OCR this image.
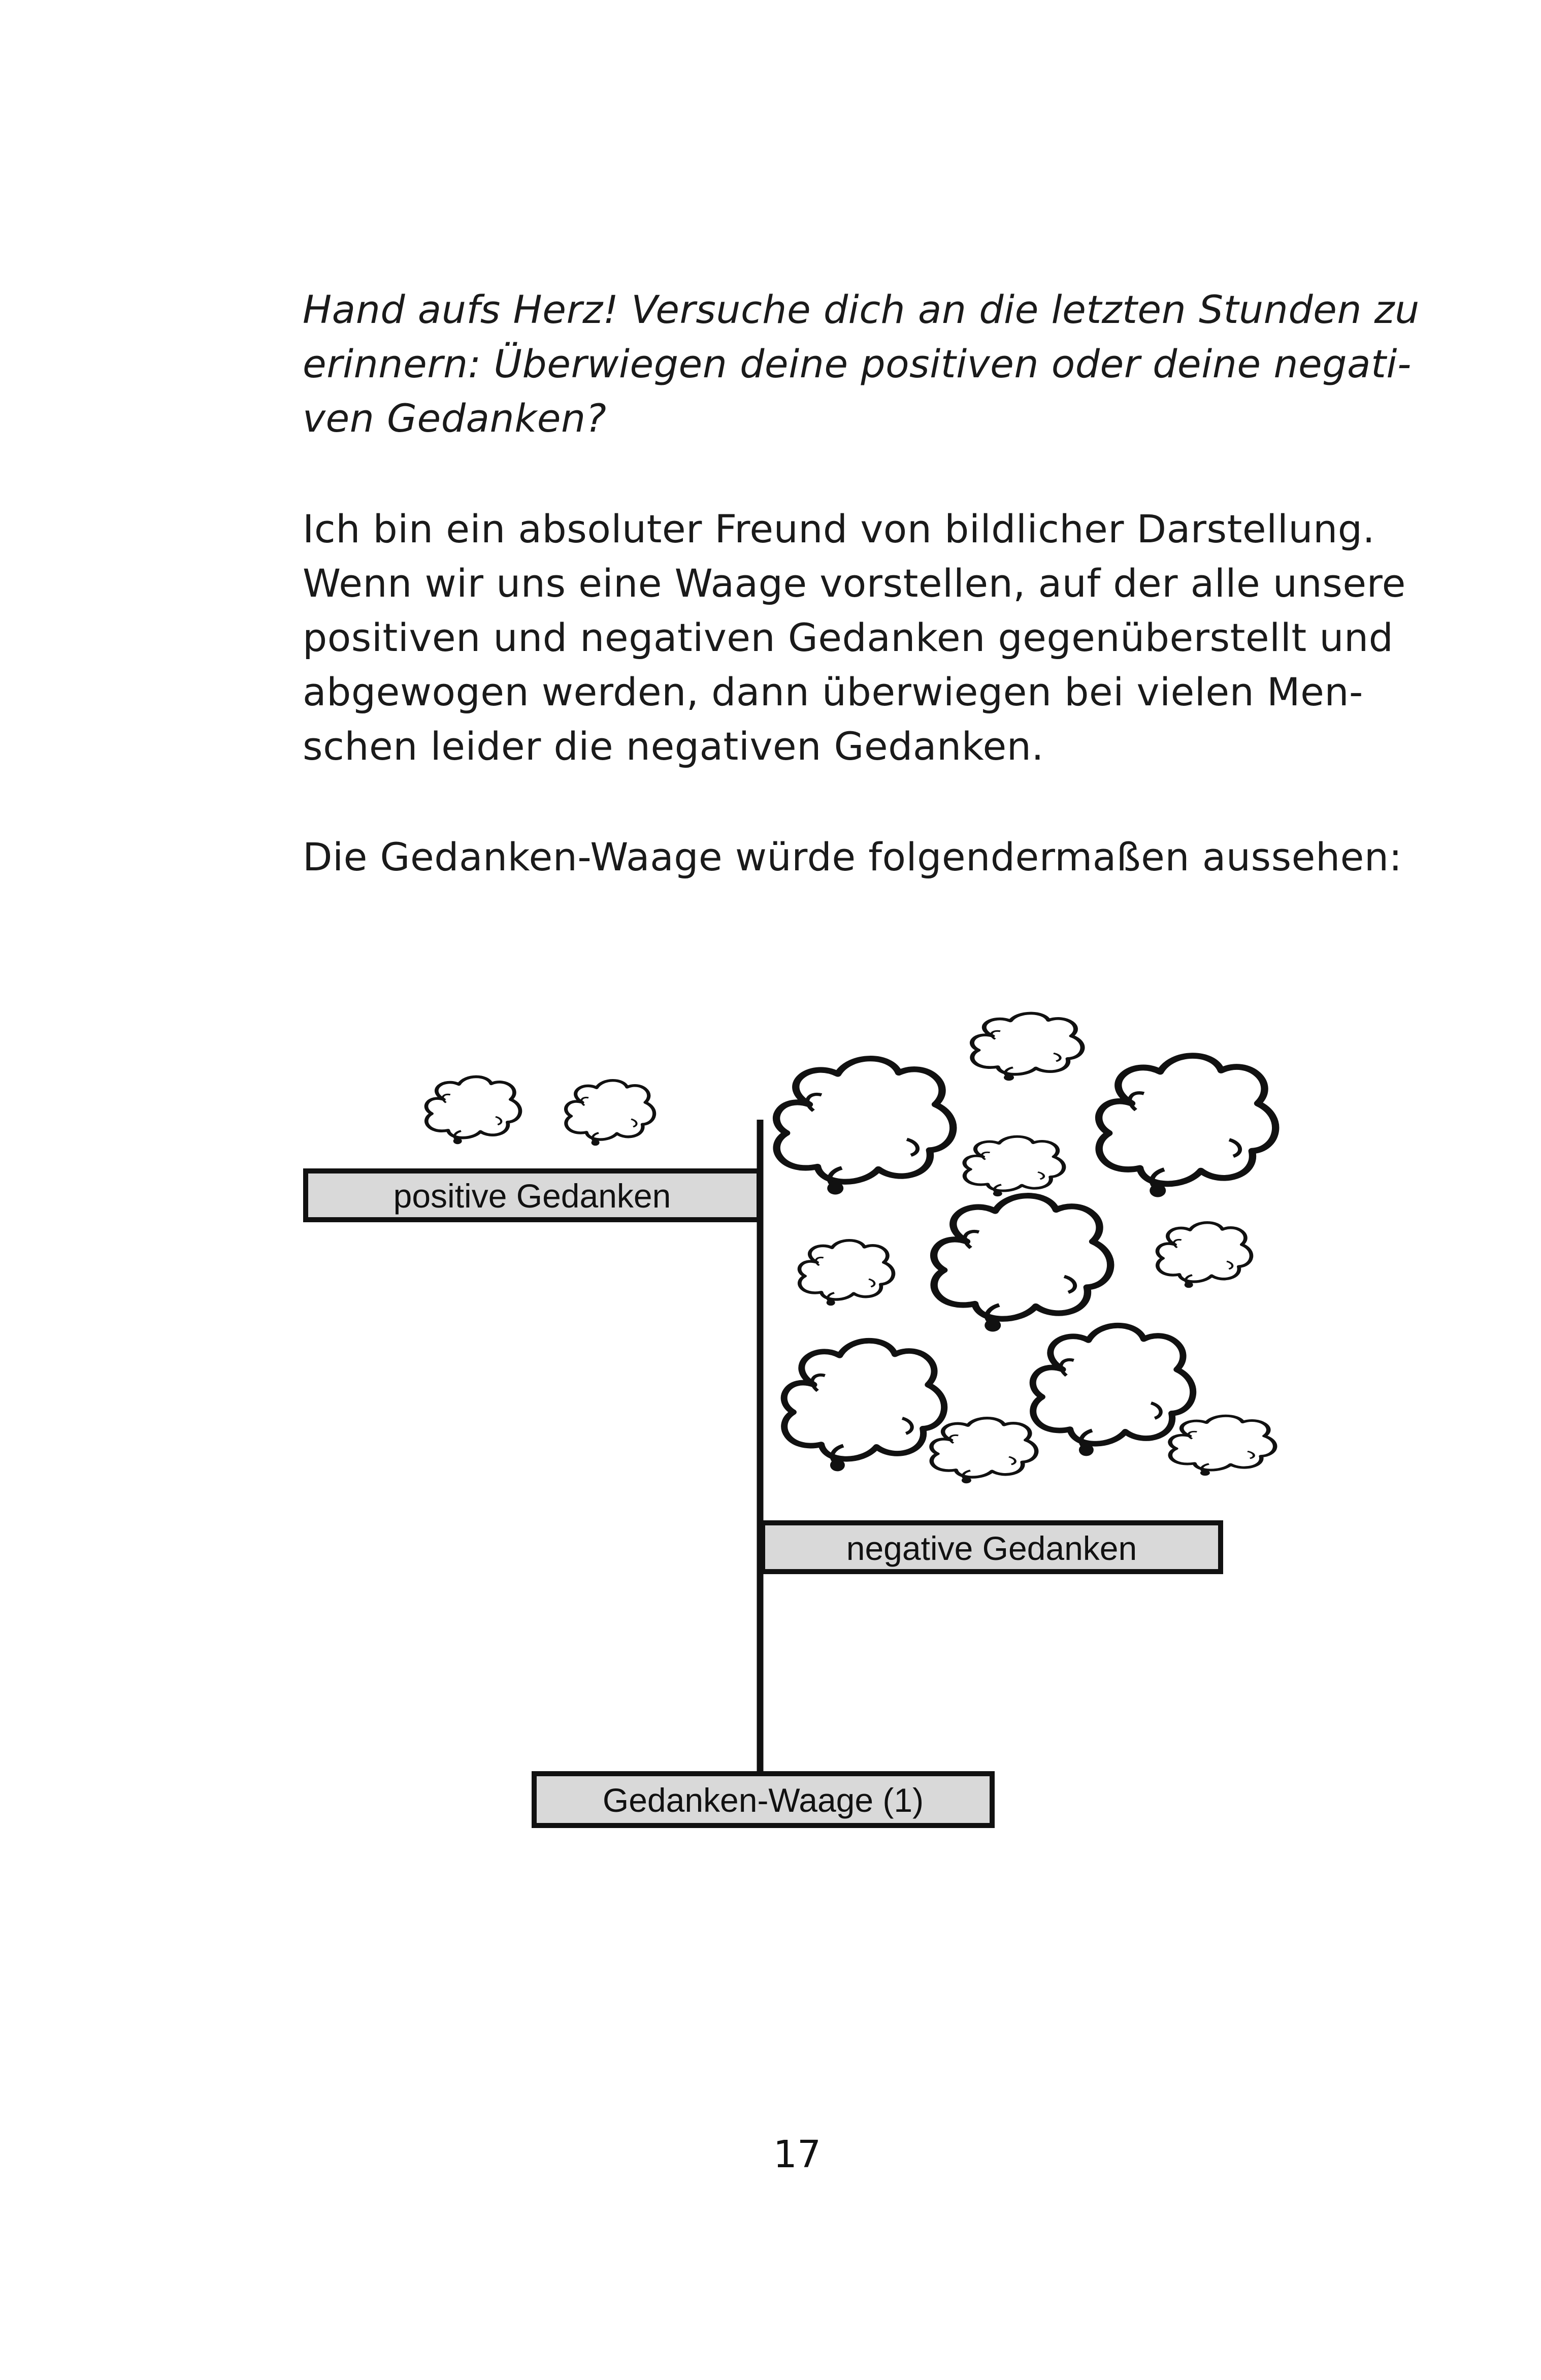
Hand aufs Herz! Versuche dich an die letzten Stunden zu
erinnern: Überwiegen deine positiven oder deine negati-
ven Gedanken?
Ich bin ein absoluter Freund von bildlicher Darstellung.
Wenn wir uns eine Waage vorstellen, auf der alle unsere
positiven und negativen Gedanken gegenüberstellt und
abgewogen werden, dann überwiegen bei vielen Men-
schen leider die negativen Gedanken.
Die Gedanken-Waage würde folgendermaßen aussehen:
positive Gedanken
negative Gedanken
Gedanken-Waage (1)
17
